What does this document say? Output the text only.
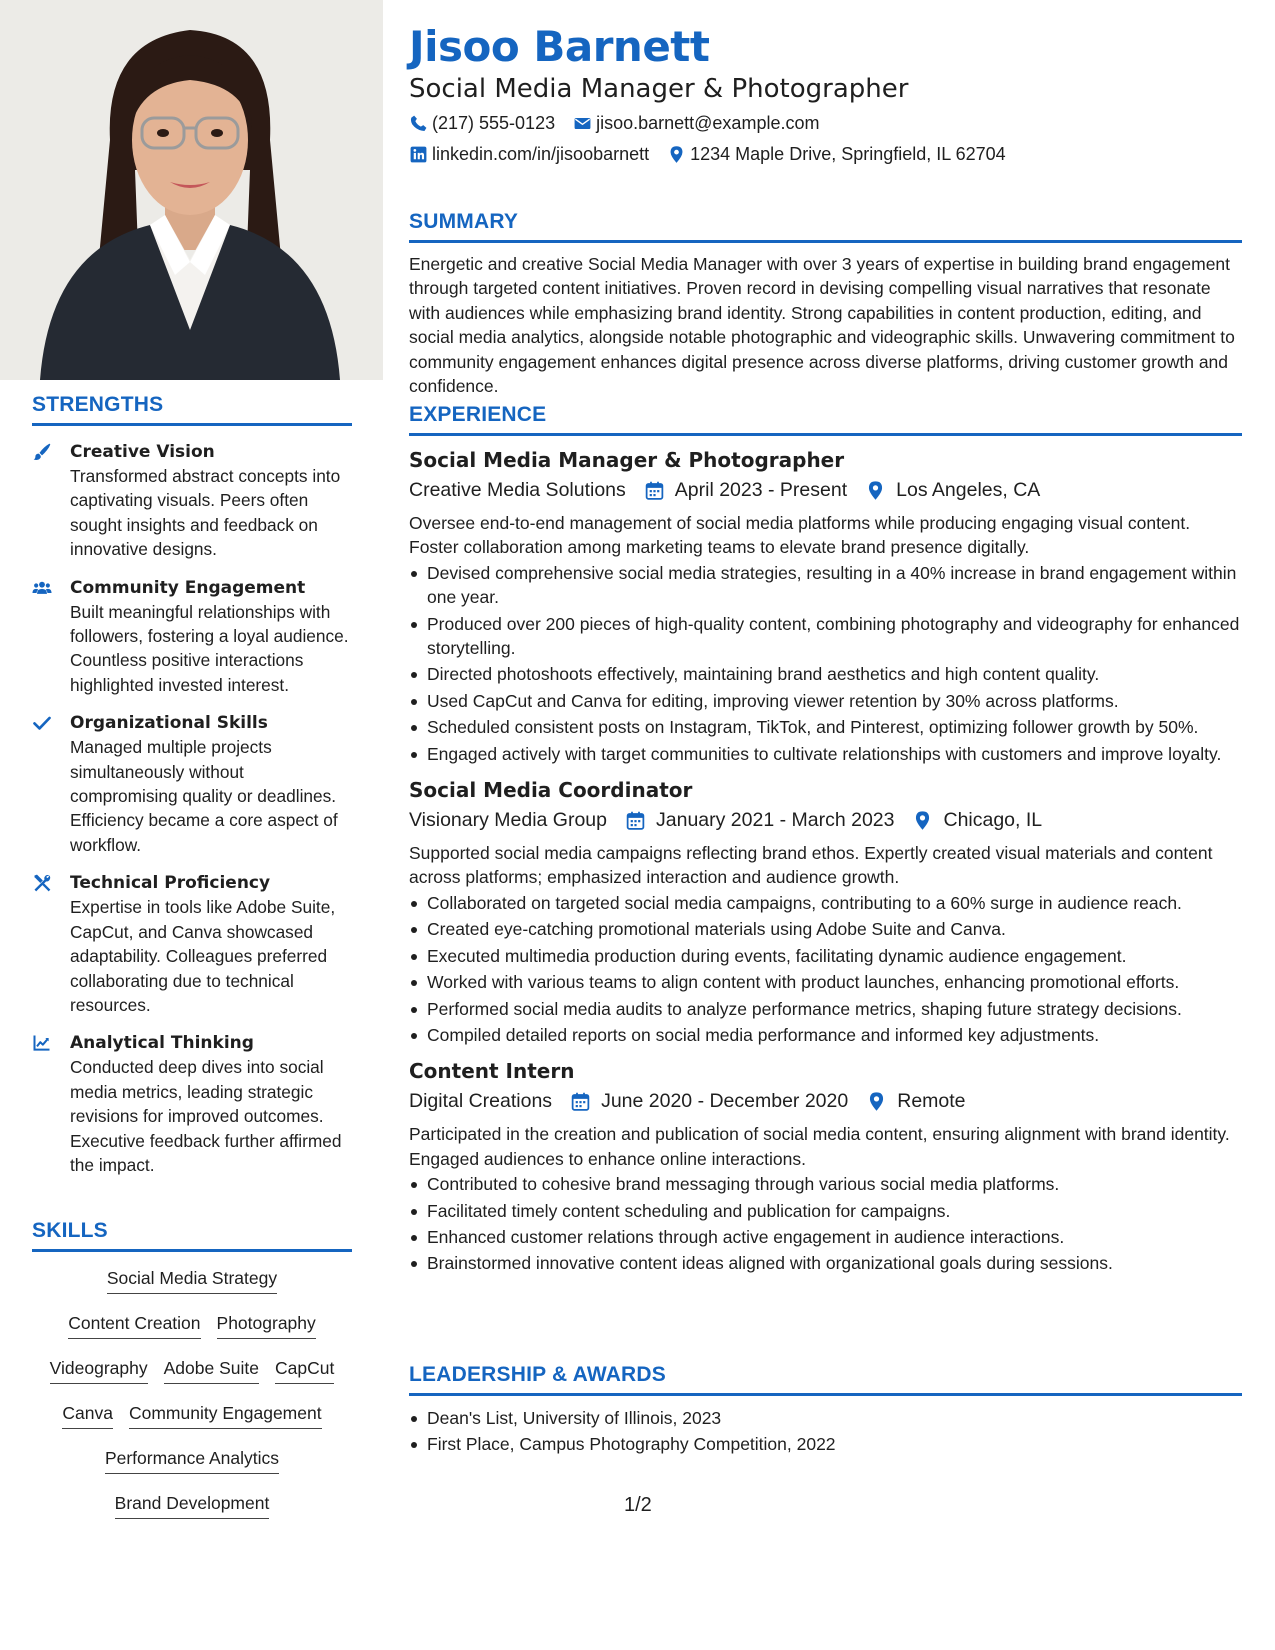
STRENGTHS
Creative Vision
Transformed abstract concepts into captivating visuals. Peers often sought insights and feedback on innovative designs.
Community Engagement
Built meaningful relationships with followers, fostering a loyal audience. Countless positive interactions highlighted invested interest.
Organizational Skills
Managed multiple projects simultaneously without compromising quality or deadlines. Efficiency became a core aspect of workflow.
Technical Proficiency
Expertise in tools like Adobe Suite, CapCut, and Canva showcased adaptability. Colleagues preferred collaborating due to technical resources.
Analytical Thinking
Conducted deep dives into social media metrics, leading strategic revisions for improved outcomes. Executive feedback further affirmed the impact.
SKILLS
Social Media Strategy
Content Creation Photography
Videography Adobe Suite CapCut
Canva Community Engagement
Performance Analytics
Brand Development
Jisoo Barnett
Social Media Manager & Photographer
(217) 555-0123 jisoo.barnett@example.com
linkedin.com/in/jisoobarnett 1234 Maple Drive, Springfield, IL 62704
SUMMARY
Energetic and creative Social Media Manager with over 3 years of expertise in building brand engagement through targeted content initiatives. Proven record in devising compelling visual narratives that resonate with audiences while emphasizing brand identity. Strong capabilities in content production, editing, and social media analytics, alongside notable photographic and videographic skills. Unwavering commitment to community engagement enhances digital presence across diverse platforms, driving customer growth and confidence.
EXPERIENCE
Social Media Manager & Photographer
Creative Media Solutions	April 2023 - Present	Los Angeles, CA
Oversee end-to-end management of social media platforms while producing engaging visual content. Foster collaboration among marketing teams to elevate brand presence digitally.
Devised comprehensive social media strategies, resulting in a 40% increase in brand engagement within one year.
Produced over 200 pieces of high-quality content, combining photography and videography for enhanced storytelling.
Directed photoshoots effectively, maintaining brand aesthetics and high content quality.
Used CapCut and Canva for editing, improving viewer retention by 30% across platforms.
Scheduled consistent posts on Instagram, TikTok, and Pinterest, optimizing follower growth by 50%.
Engaged actively with target communities to cultivate relationships with customers and improve loyalty.
Social Media Coordinator
Visionary Media Group	January 2021 - March 2023	Chicago, IL
Supported social media campaigns reflecting brand ethos. Expertly created visual materials and content across platforms; emphasized interaction and audience growth.
Collaborated on targeted social media campaigns, contributing to a 60% surge in audience reach.
Created eye-catching promotional materials using Adobe Suite and Canva.
Executed multimedia production during events, facilitating dynamic audience engagement.
Worked with various teams to align content with product launches, enhancing promotional efforts.
Performed social media audits to analyze performance metrics, shaping future strategy decisions.
Compiled detailed reports on social media performance and informed key adjustments.
Content Intern
Digital Creations	June 2020 - December 2020	Remote
Participated in the creation and publication of social media content, ensuring alignment with brand identity. Engaged audiences to enhance online interactions.
Contributed to cohesive brand messaging through various social media platforms.
Facilitated timely content scheduling and publication for campaigns.
Enhanced customer relations through active engagement in audience interactions.
Brainstormed innovative content ideas aligned with organizational goals during sessions.
LEADERSHIP & AWARDS
Dean's List, University of Illinois, 2023
First Place, Campus Photography Competition, 2022
1/2
